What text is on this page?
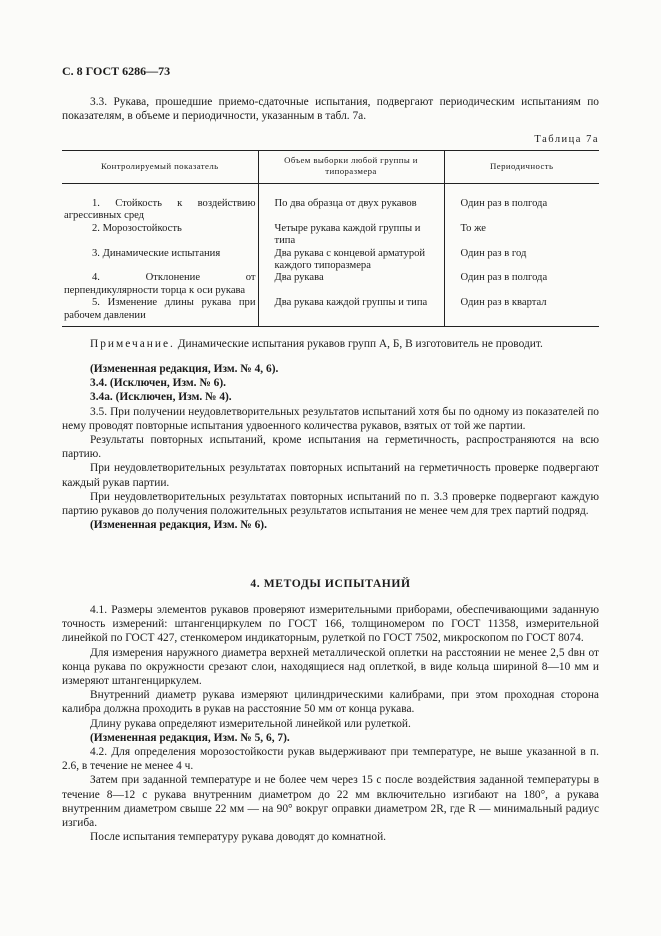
С. 8 ГОСТ 6286—73

3.3. Рукава, прошедшие приемо-сдаточные испытания, подвергают периодическим испытаниям по показателям, в объеме и периодичности, указанным в табл. 7а.

Таблица 7а
Контролируемый показатель	Объем выборки любой группы и типоразмера	Периодичность
1. Стойкость к воздействию агрессивных сред	По два образца от двух рукавов	Один раз в полгода
2. Морозостойкость	Четыре рукава каждой группы и типа	То же
3. Динамические испытания	Два рукава с концевой арматурой каждого типоразмера	Один раз в год
4. Отклонение от перпендикулярности торца к оси рукава	Два рукава	Один раз в полгода
5. Изменение длины рукава при рабочем давлении	Два рукава каждой группы и типа	Один раз в квартал

Примечание. Динамические испытания рукавов групп А, Б, В изготовитель не проводит.

(Измененная редакция, Изм. № 4, 6).

3.4. (Исключен, Изм. № 6).

3.4а. (Исключен, Изм. № 4).

3.5. При получении неудовлетворительных результатов испытаний хотя бы по одному из показателей по нему проводят повторные испытания удвоенного количества рукавов, взятых от той же партии.

Результаты повторных испытаний, кроме испытания на герметичность, распространяются на всю партию.

При неудовлетворительных результатах повторных испытаний на герметичность проверке подвергают каждый рукав партии.

При неудовлетворительных результатах повторных испытаний по п. 3.3 проверке подвергают каждую партию рукавов до получения положительных результатов испытания не менее чем для трех партий подряд.

(Измененная редакция, Изм. № 6).

4. МЕТОДЫ ИСПЫТАНИЙ

4.1. Размеры элементов рукавов проверяют измерительными приборами, обеспечивающими заданную точность измерений: штангенциркулем по ГОСТ 166, толщиномером по ГОСТ 11358, измерительной линейкой по ГОСТ 427, стенкомером индикаторным, рулеткой по ГОСТ 7502, микроскопом по ГОСТ 8074.

Для измерения наружного диаметра верхней металлической оплетки на расстоянии не менее 2,5 dвн от конца рукава по окружности срезают слои, находящиеся над оплеткой, в виде кольца шириной 8—10 мм и измеряют штангенциркулем.

Внутренний диаметр рукава измеряют цилиндрическими калибрами, при этом проходная сторона калибра должна проходить в рукав на расстояние 50 мм от конца рукава.

Длину рукава определяют измерительной линейкой или рулеткой.

(Измененная редакция, Изм. № 5, 6, 7).

4.2. Для определения морозостойкости рукав выдерживают при температуре, не выше указанной в п. 2.6, в течение не менее 4 ч.

Затем при заданной температуре и не более чем через 15 с после воздействия заданной температуры в течение 8—12 с рукава внутренним диаметром до 22 мм включительно изгибают на 180°, а рукава внутренним диаметром свыше 22 мм — на 90° вокруг оправки диаметром 2R, где R — минимальный радиус изгиба.

После испытания температуру рукава доводят до комнатной.
